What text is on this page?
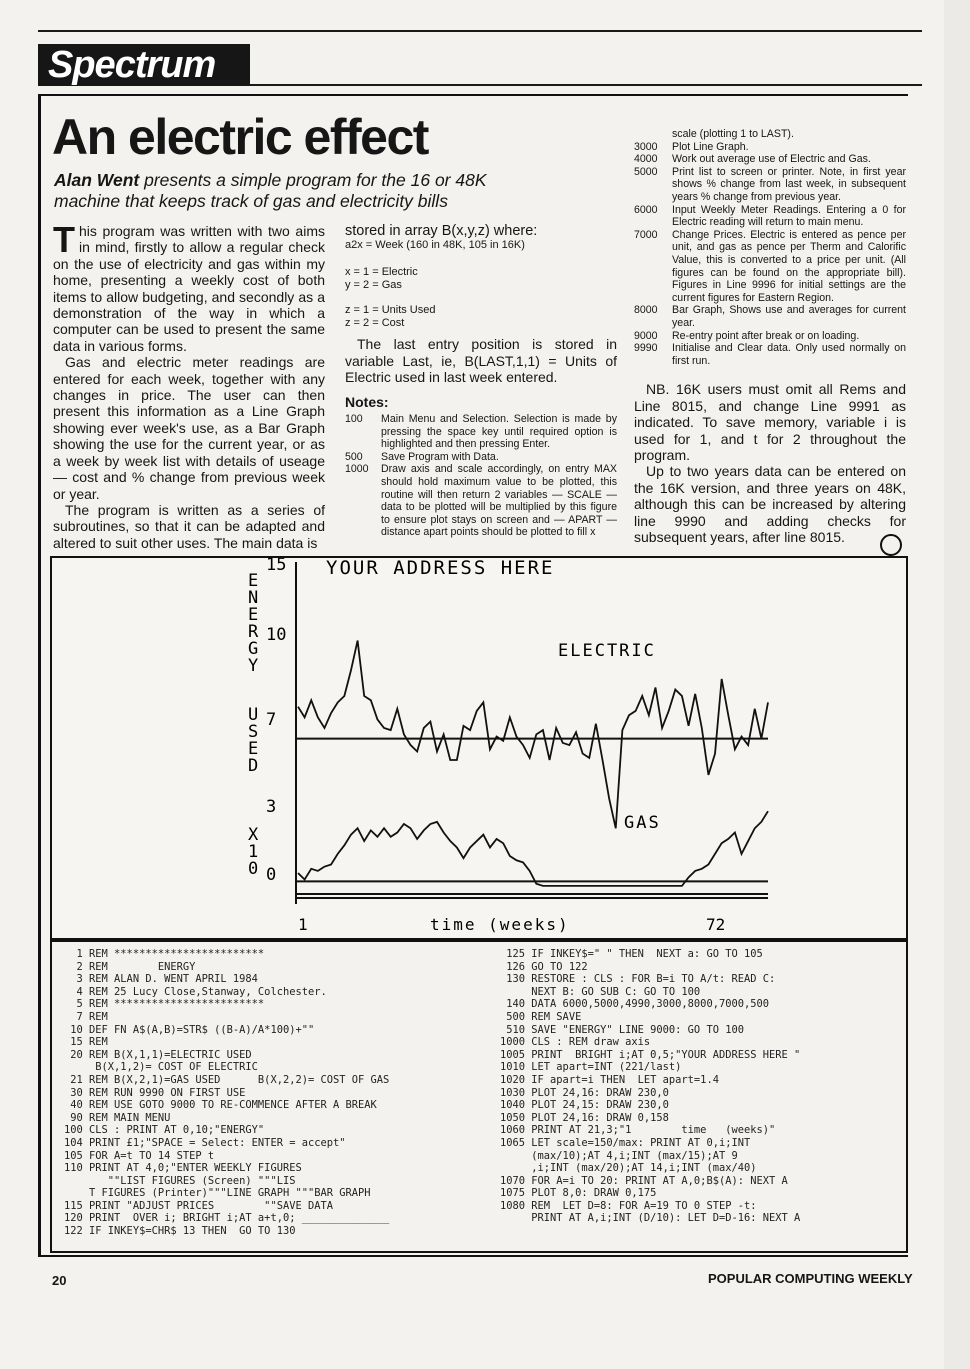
Spectrum
An electric effect
Alan Went presents a simple program for the 16 or 48K machine that keeps track of gas and electricity bills

This program was written with two aims in mind, firstly to allow a regular check on the use of electricity and gas within my home, presenting a weekly cost of both items to allow budgeting, and secondly as a demonstration of the way in which a computer can be used to present the same data in various forms.

Gas and electric meter readings are entered for each week, together with any changes in price. The user can then present this information as a Line Graph showing ever week's use, as a Bar Graph showing the use for the current year, or as a week by week list with details of useage — cost and % change from previous week or year.

The program is written as a series of subroutines, so that it can be adapted and altered to suit other uses. The main data is

stored in array B(x,y,z) where:
a2x = Week (160 in 48K, 105 in 16K)
x = 1 = Electric
y = 2 = Gas
z = 1 = Units Used
z = 2 = Cost

The last entry position is stored in variable Last, ie, B(LAST,1,1) = Units of Electric used in last week entered.

Notes:
100	Main Menu and Selection. Selection is made by pressing the space key until required option is highlighted and then pressing Enter.
500	Save Program with Data.
1000	Draw axis and scale accordingly, on entry MAX should hold maximum value to be plotted, this routine will then return 2 variables — SCALE — data to be plotted will be multiplied by this figure to ensure plot stays on screen and — APART — distance apart points should be plotted to fill x
scale (plotting 1 to LAST).
3000	Plot Line Graph.
4000	Work out average use of Electric and Gas.
5000	Print list to screen or printer. Note, in first year shows % change from last week, in subsequent years % change from previous year.
6000	Input Weekly Meter Readings. Entering a 0 for Electric reading will return to main menu.
7000	Change Prices. Electric is entered as pence per unit, and gas as pence per Therm and Calorific Value, this is converted to a price per unit. (All figures can be found on the appropriate bill). Figures in Line 9996 for initial settings are the current figures for Eastern Region.
8000	Bar Graph, Shows use and averages for current year.
9000	Re-entry point after break or on loading.
9990	Initialise and Clear data. Only used normally on first run.

NB. 16K users must omit all Rems and Line 8015, and change Line 9991 as indicated. To save memory, variable i is used for 1, and t for 2 throughout the program.

Up to two years data can be entered on the 16K version, and three years on 48K, although this can be increased by altering line 9990 and adding checks for subsequent years, after line 8015.

YOUR ADDRESS HERE
E
N
E
R
G
Y
U
S
E
D
X
1
0
15
10
7
3
0
1	time (weeks)	72
ELECTRIC
GAS
1 REM ************************
2 REM        ENERGY
3 REM ALAN D. WENT APRIL 1984
4 REM 25 Lucy Close,Stanway, Colchester.
5 REM ************************
7 REM
10 DEF FN A$(A,B)=STR$ ((B-A)/A*100)+""
15 REM
20 REM B(X,1,1)=ELECTRIC USED
B(X,1,2)= COST OF ELECTRIC
21 REM B(X,2,1)=GAS USED      B(X,2,2)= COST OF GAS
30 REM RUN 9990 ON FIRST USE
40 REM USE GOTO 9000 TO RE-COMMENCE AFTER A BREAK
90 REM MAIN MENU
100 CLS : PRINT AT 0,10;"ENERGY"
104 PRINT £1;"SPACE = Select: ENTER = accept"
105 FOR A=t TO 14 STEP t
110 PRINT AT 4,0;"ENTER WEEKLY FIGURES
""LIST FIGURES (Screen) """LIS
T FIGURES (Printer)"""LINE GRAPH """BAR GRAPH
115 PRINT "ADJUST PRICES        ""SAVE DATA
120 PRINT  OVER i; BRIGHT i;AT a+t,0; ______________
122 IF INKEY$=CHR$ 13 THEN  GO TO 130
125 IF INKEY$=" " THEN  NEXT a: GO TO 105
126 GO TO 122
130 RESTORE : CLS : FOR B=i TO A/t: READ C:
NEXT B: GO SUB C: GO TO 100
140 DATA 6000,5000,4990,3000,8000,7000,500
500 REM SAVE
510 SAVE "ENERGY" LINE 9000: GO TO 100
1000 CLS : REM draw axis
1005 PRINT  BRIGHT i;AT 0,5;"YOUR ADDRESS HERE "
1010 LET apart=INT (221/last)
1020 IF apart=i THEN  LET apart=1.4
1030 PLOT 24,16: DRAW 230,0
1040 PLOT 24,15: DRAW 230,0
1050 PLOT 24,16: DRAW 0,158
1060 PRINT AT 21,3;"1        time   (weeks)"
1065 LET scale=150/max: PRINT AT 0,i;INT
(max/10);AT 4,i;INT (max/15);AT 9
,i;INT (max/20);AT 14,i;INT (max/40)
1070 FOR A=i TO 20: PRINT AT A,0;B$(A): NEXT A
1075 PLOT 8,0: DRAW 0,175
1080 REM  LET D=8: FOR A=19 TO 0 STEP -t:
PRINT AT A,i;INT (D/10): LET D=D-16: NEXT A
20	POPULAR COMPUTING WEEKLY
